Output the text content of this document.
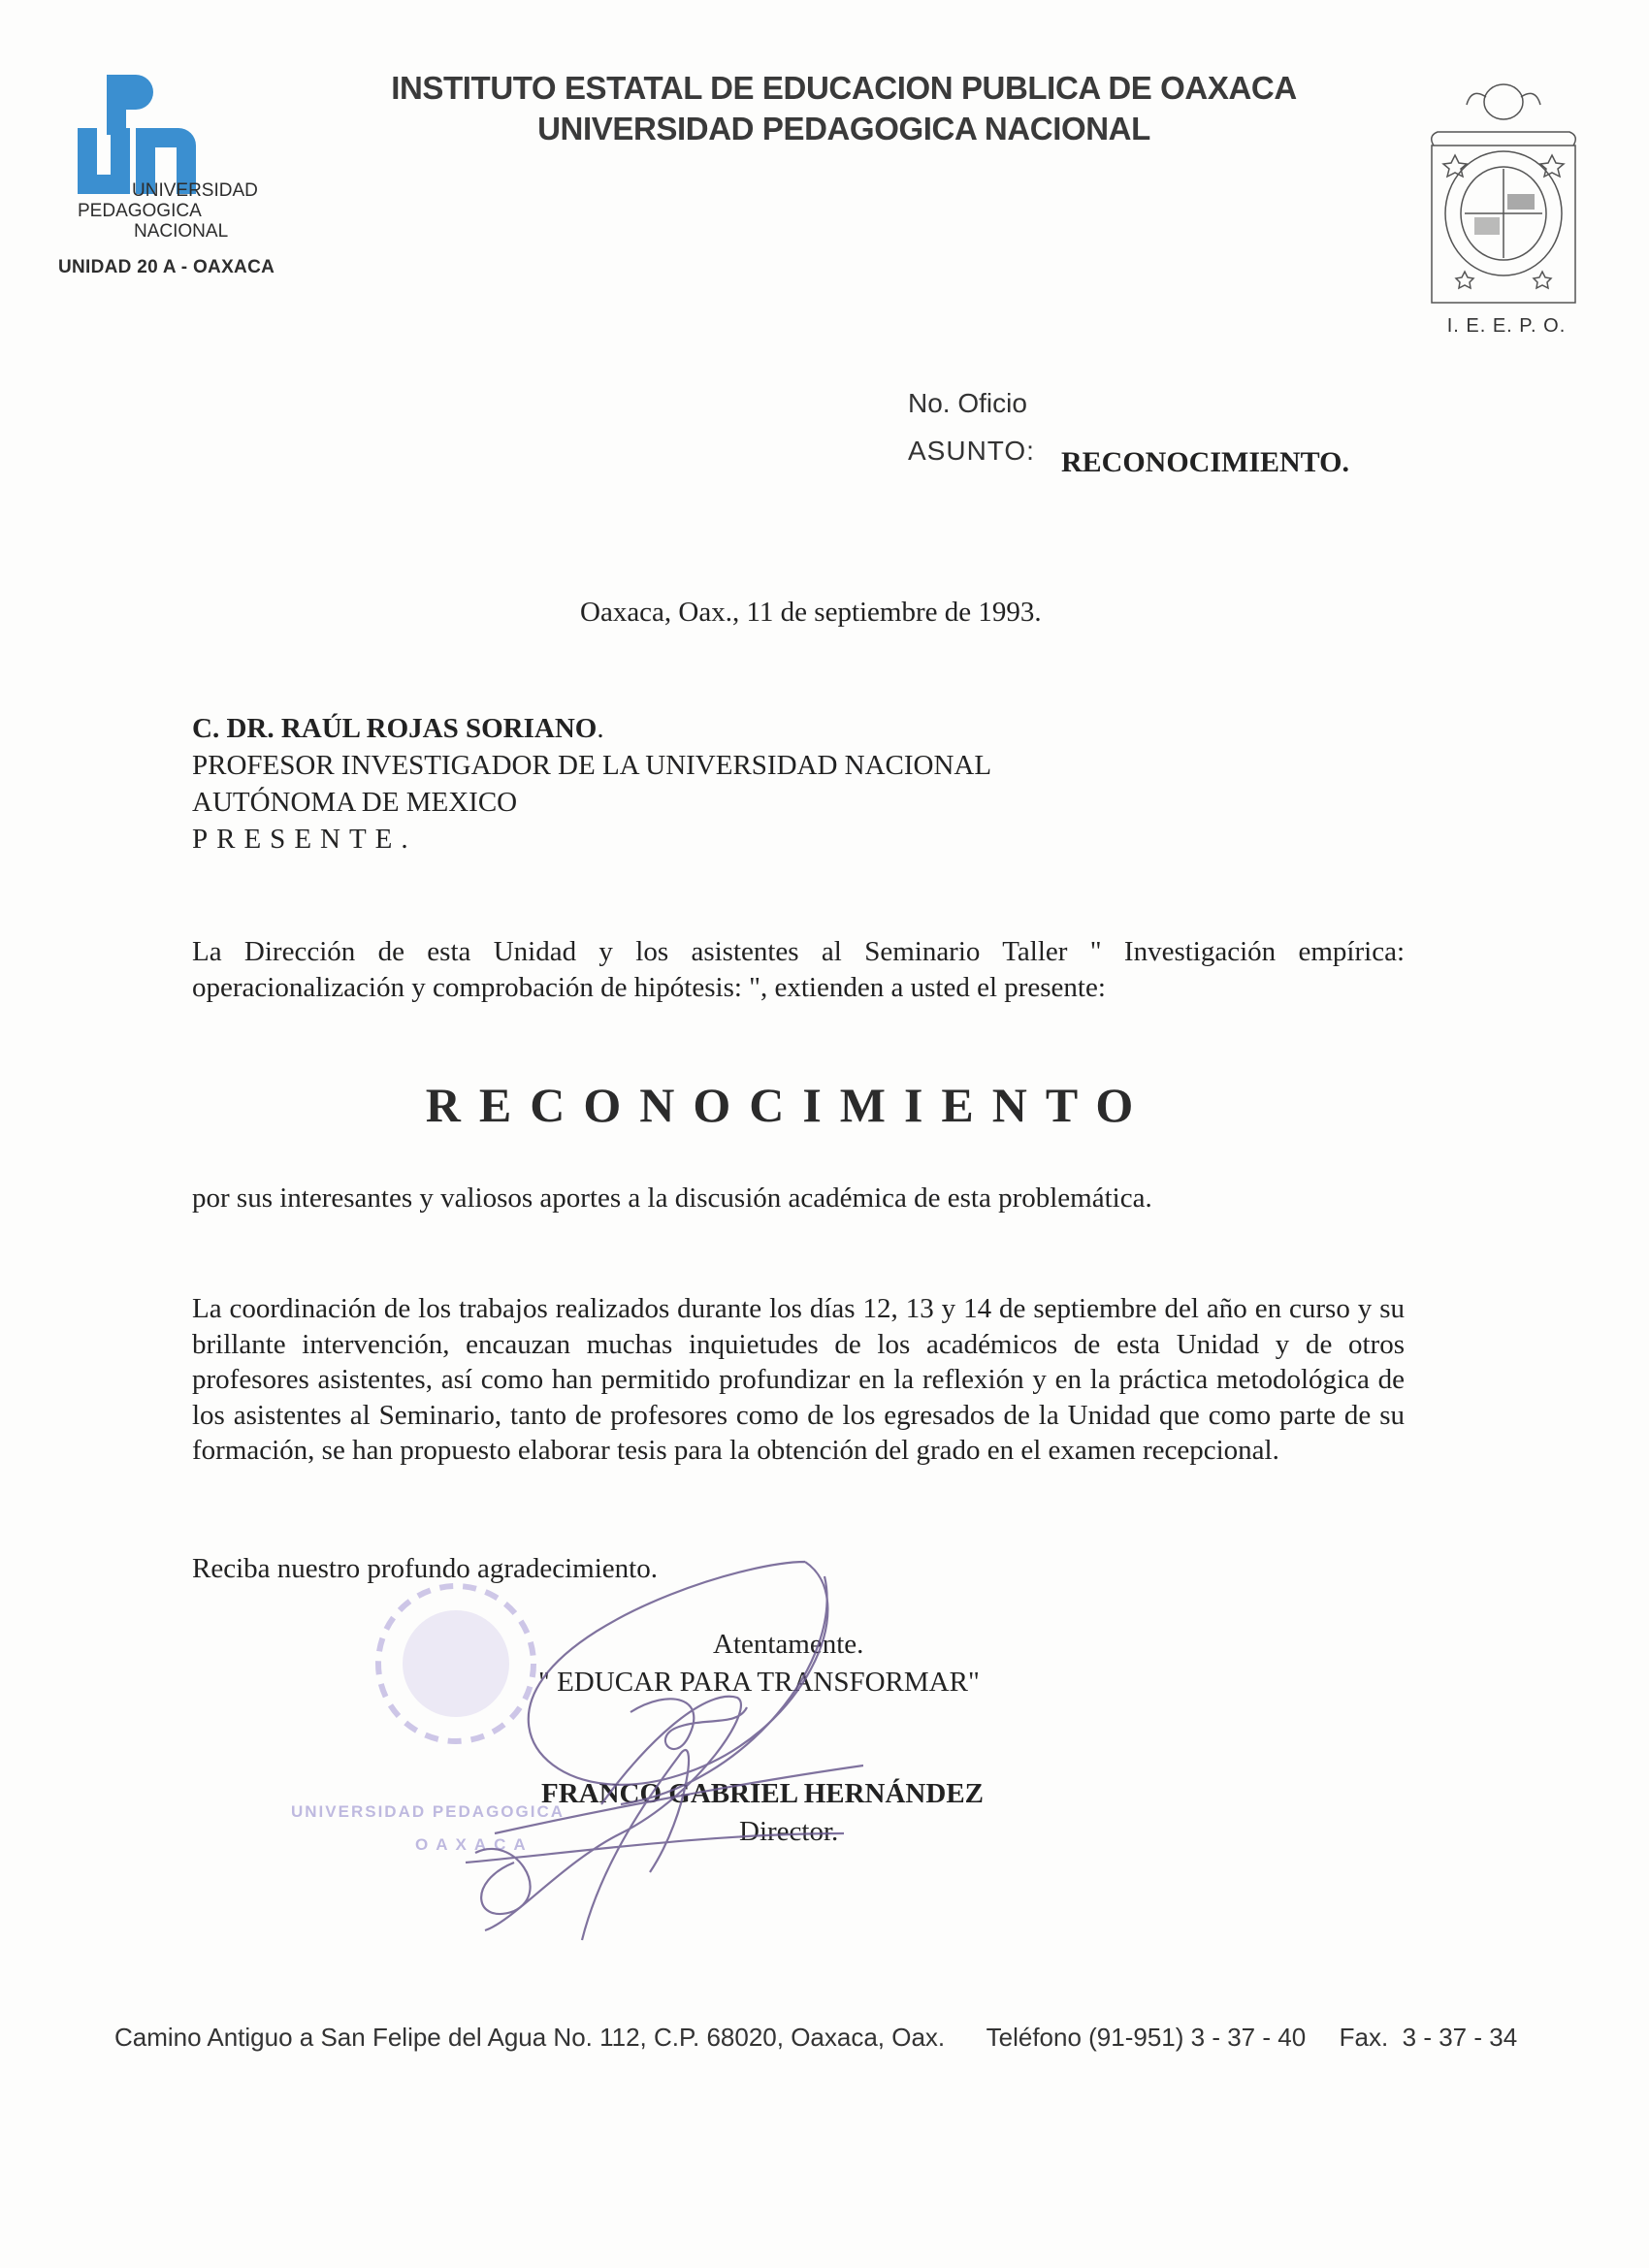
UNIVERSIDAD
PEDAGOGICA
NACIONAL
UNIDAD 20 A - OAXACA
INSTITUTO ESTATAL DE EDUCACION PUBLICA DE OAXACA
UNIVERSIDAD PEDAGOGICA NACIONAL
I. E. E. P. O.
No. Oficio
ASUNTO: RECONOCIMIENTO.
Oaxaca, Oax., 11 de septiembre de 1993.
C. DR. RAÚL ROJAS SORIANO.
PROFESOR INVESTIGADOR DE LA UNIVERSIDAD NACIONAL
AUTÓNOMA DE MEXICO
PRESENTE.
La Dirección de esta Unidad y los asistentes al Seminario Taller " Investigación empírica: operacionalización y comprobación de hipótesis: ", extienden a usted el presente:
RECONOCIMIENTO
por sus interesantes y valiosos aportes a la discusión académica de esta problemática.
La coordinación de los trabajos realizados durante los días 12, 13 y 14 de septiembre del año en curso y su brillante intervención, encauzan muchas inquietudes de los académicos de esta Unidad y de otros profesores asistentes, así como han permitido profundizar en la reflexión y en la práctica metodológica de los asistentes al Seminario, tanto de profesores como de los egresados de la Unidad que como parte de su formación, se han propuesto elaborar tesis para la obtención del grado en el examen recepcional.
Reciba nuestro profundo agradecimiento.
UNIVERSIDAD PEDAGOGICA
OAXACA
Atentamente.
" EDUCAR PARA TRANSFORMAR"
FRANCO GABRIEL HERNÁNDEZ
Director.
Camino Antiguo a San Felipe del Agua No. 112, C.P. 68020, Oaxaca, Oax. Teléfono (91-951) 3 - 37 - 40 Fax.  3 - 37 - 34
